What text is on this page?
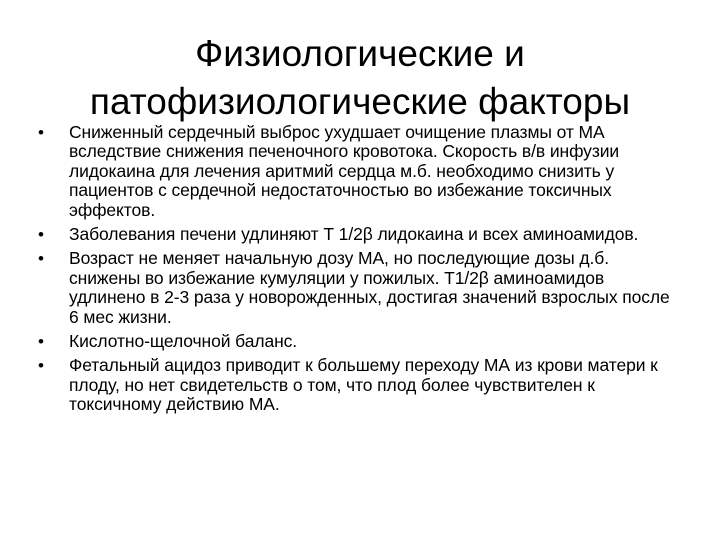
Физиологические и
патофизиологические факторы
•	Сниженный сердечный выброс ухудшает очищение плазмы от МА вследствие снижения печеночного кровотока. Скорость в/в инфузии лидокаина для лечения аритмий сердца м.б. необходимо снизить у пациентов с сердечной недостаточностью во избежание токсичных эффектов.
•	Заболевания печени удлиняют Т 1/2β лидокаина и всех аминоамидов.
•	Возраст не меняет начальную дозу МА, но последующие дозы д.б. снижены во избежание кумуляции у пожилых. Т1/2β аминоамидов удлинено в 2-3 раза у новорожденных, достигая значений взрослых после 6 мес жизни.
•	Кислотно-щелочной баланс.
•	Фетальный ацидоз приводит к большему переходу МА из крови матери к плоду, но нет свидетельств о том, что плод более чувствителен к токсичному действию МА.
